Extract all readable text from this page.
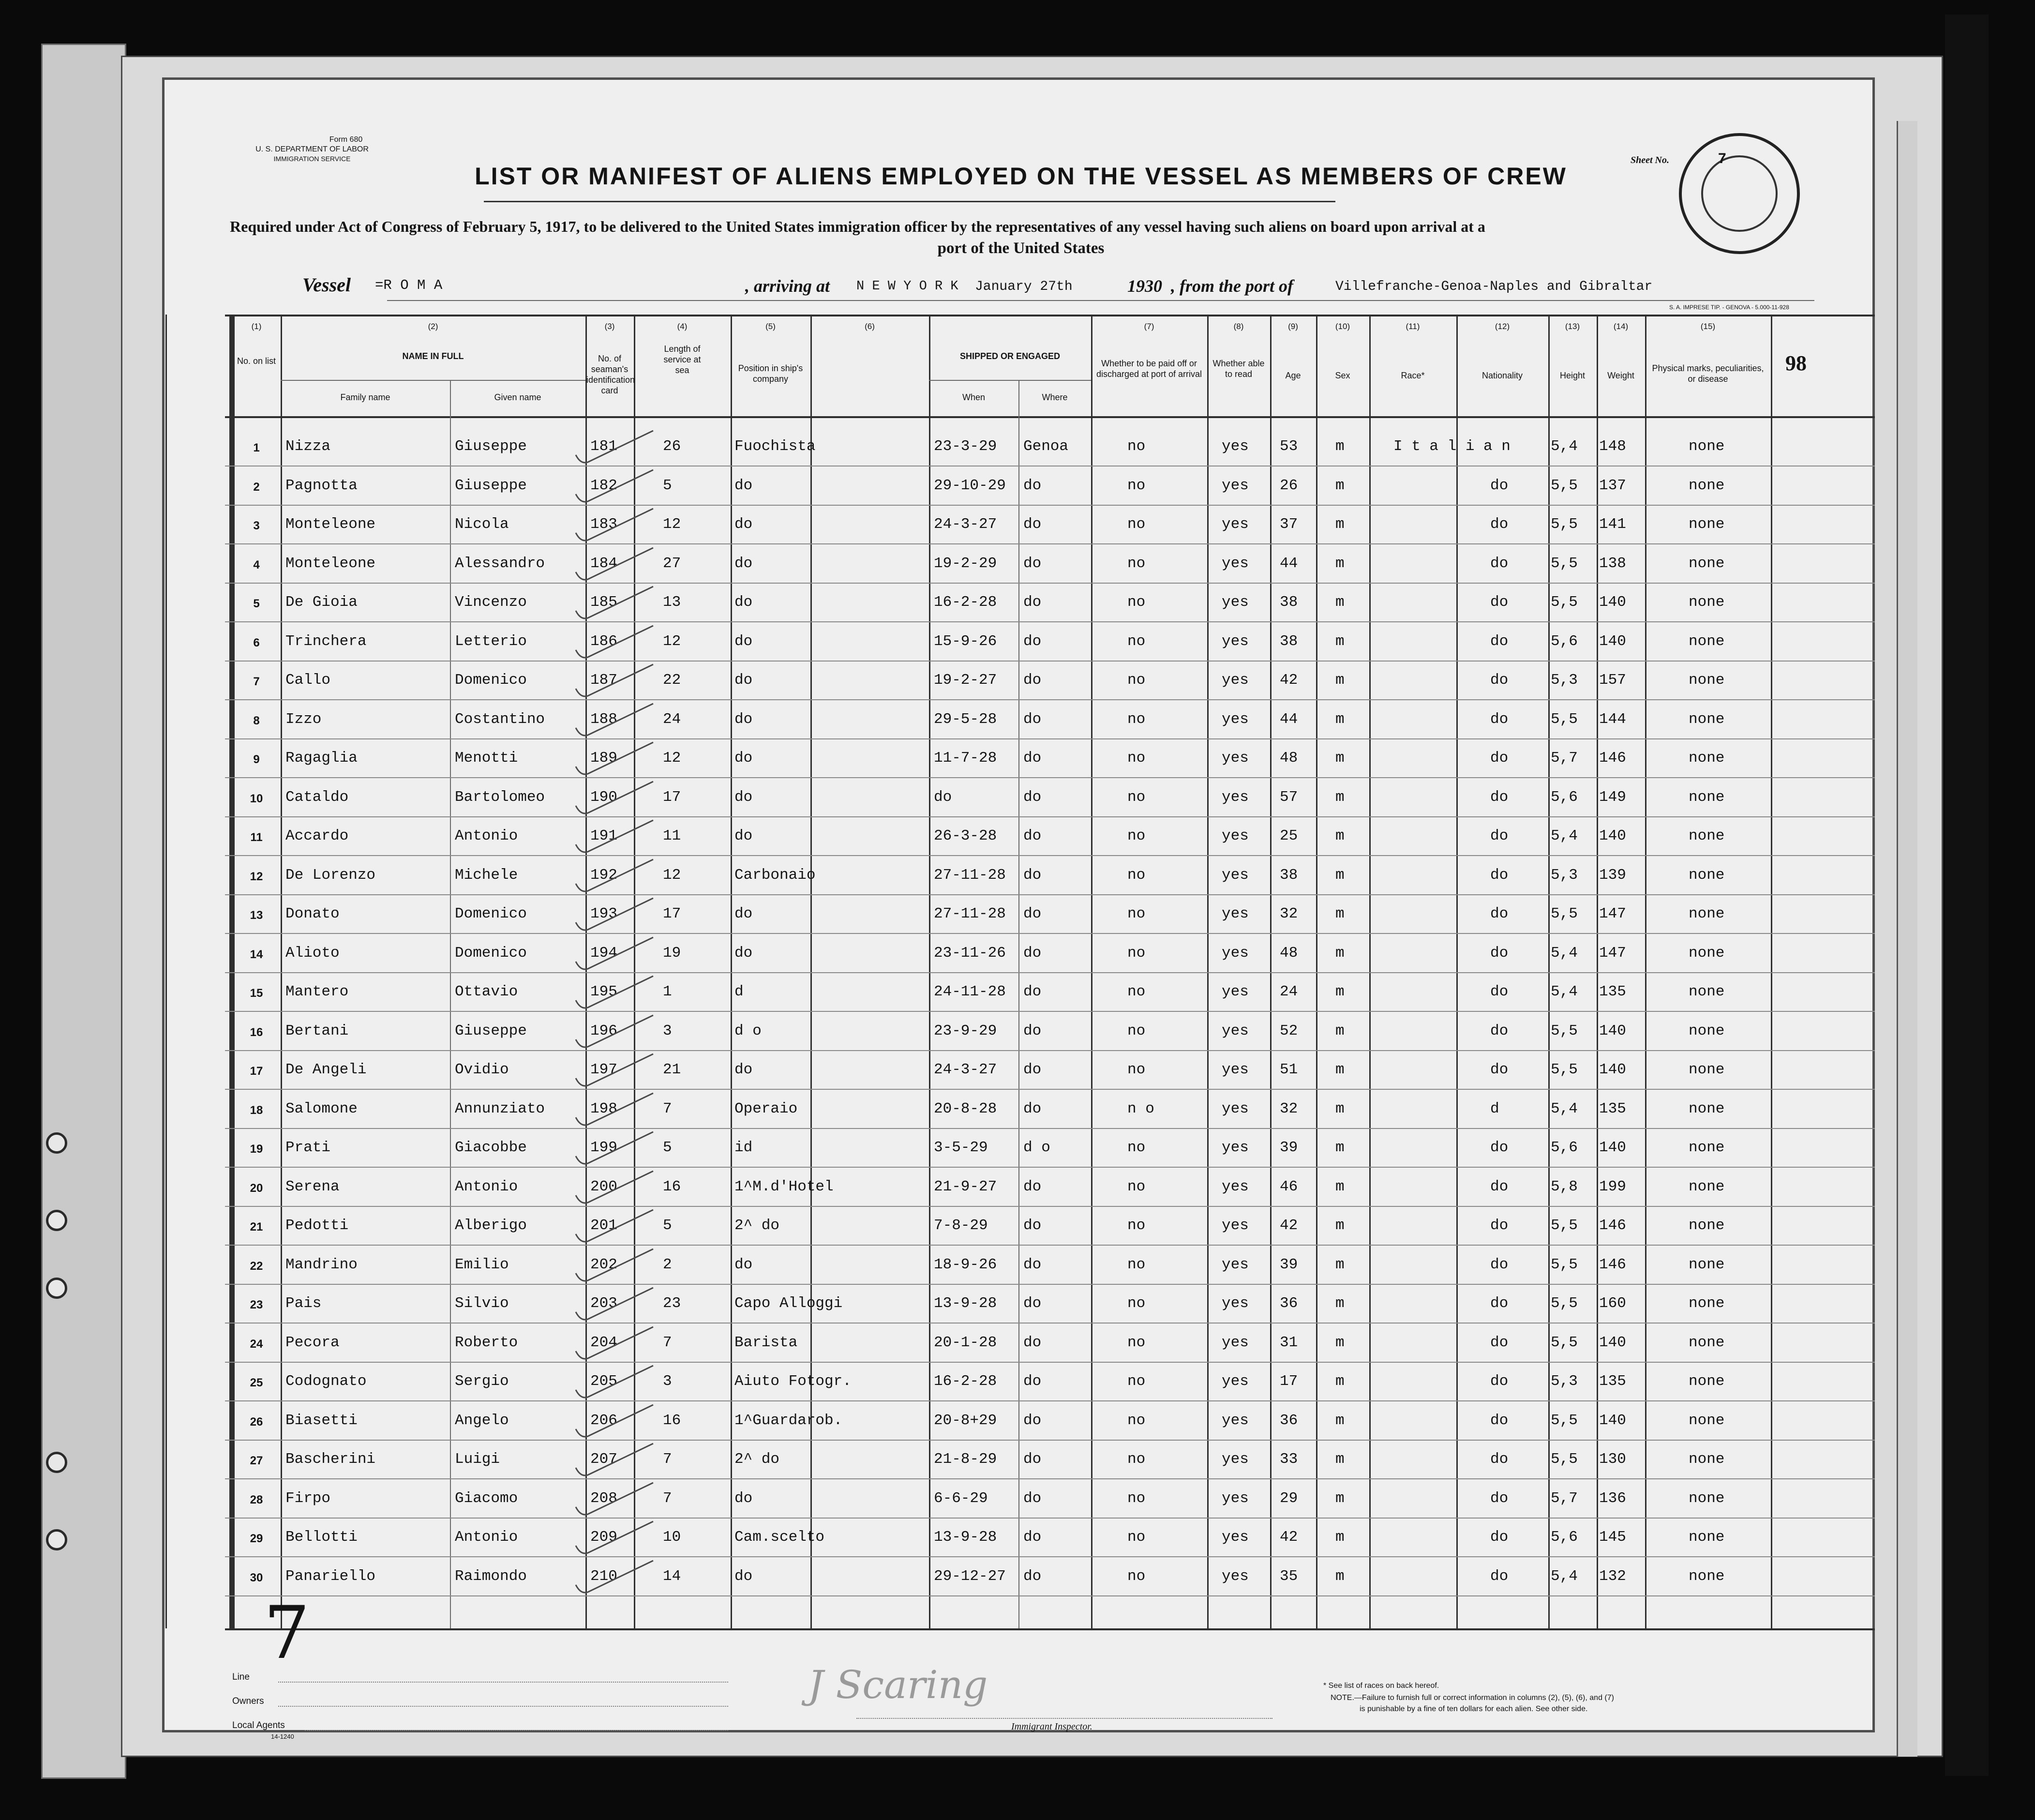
Form 680
U. S. DEPARTMENT OF LABOR
IMMIGRATION SERVICE
LIST OR MANIFEST OF ALIENS EMPLOYED ON THE VESSEL AS MEMBERS OF CREW
Required under Act of Congress of February 5, 1917, to be delivered to the United States immigration officer by the representatives of any vessel having such aliens on board upon arrival at a
port of the United States
Sheet No.	7
Vessel =R O M A	, arriving at N E W Y O R K January 27th	1930 , from the port of	Villefranche-Genoa-Naples and Gibraltar
S. A. IMPRESE TIP. - GENOVA - 5.000-11-928
(1)
No. on list
(2)
NAME IN FULL
Family name	Given name
(3)
No. of seaman's identification card
(4)
Length of service at sea
(5)
Position in ship's company
(6)
SHIPPED OR ENGAGED
When	Where
(7)
Whether to be paid off or discharged at port of arrival
(8)
Whether able to read
(9)
Age
(10)
Sex
(11)
Race*
(12)
Nationality
(13)
Height
(14)
Weight
(15)
Physical marks, peculiarities, or disease
98
1	Nizza	Giuseppe	181	26	Fuochista	23-3-29 Genoa	no	yes 53	m	I t a l i a n	5,4 148	none
2	Pagnotta	Giuseppe	182	5	do	29-10-29 do	no	yes 26	m	do	5,5 137	none
3	Monteleone	Nicola	183	12	do	24-3-27 do	no	yes 37	m	do	5,5 141	none
4	Monteleone	Alessandro	184	27	do	19-2-29 do	no	yes 44	m	do	5,5 138	none
5	De Gioia	Vincenzo	185	13	do	16-2-28 do	no	yes 38	m	do	5,5 140	none
6	Trinchera	Letterio	186	12	do	15-9-26 do	no	yes 38	m	do	5,6 140	none
7	Callo	Domenico	187	22	do	19-2-27 do	no	yes 42	m	do	5,3 157	none
8	Izzo	Costantino	188	24	do	29-5-28 do	no	yes 44	m	do	5,5 144	none
9	Ragaglia	Menotti	189	12	do	11-7-28 do	no	yes 48	m	do	5,7 146	none
10	Cataldo	Bartolomeo	190	17	do	do	do	no	yes 57	m	do	5,6 149	none
11	Accardo	Antonio	191	11	do	26-3-28 do	no	yes 25	m	do	5,4 140	none
12	De Lorenzo	Michele	192	12	Carbonaio	27-11-28 do	no	yes 38	m	do	5,3 139	none
13	Donato	Domenico	193	17	do	27-11-28 do	no	yes 32	m	do	5,5 147	none
14	Alioto	Domenico	194	19	do	23-11-26 do	no	yes 48	m	do	5,4 147	none
15	Mantero	Ottavio	195	1	d	24-11-28 do	no	yes 24	m	do	5,4 135	none
16	Bertani	Giuseppe	196	3	d o	23-9-29 do	no	yes 52	m	do	5,5 140	none
17	De Angeli	Ovidio	197	21	do	24-3-27 do	no	yes 51	m	do	5,5 140	none
18	Salomone	Annunziato	198	7	Operaio	20-8-28 do	n o	yes 32	m	d	5,4 135	none
19	Prati	Giacobbe	199	5	id	3-5-29 d o	no	yes 39	m	do	5,6 140	none
20	Serena	Antonio	200	16	1^M.d'Hotel	21-9-27 do	no	yes 46	m	do	5,8 199	none
21	Pedotti	Alberigo	201	5	2^ do	7-8-29 do	no	yes 42	m	do	5,5 146	none
22	Mandrino	Emilio	202	2	do	18-9-26 do	no	yes 39	m	do	5,5 146	none
23	Pais	Silvio	203	23	Capo Alloggi	13-9-28 do	no	yes 36	m	do	5,5 160	none
24	Pecora	Roberto	204	7	Barista	20-1-28 do	no	yes 31	m	do	5,5 140	none
25	Codognato	Sergio	205	3	Aiuto Fotogr.	16-2-28 do	no	yes 17	m	do	5,3 135	none
26	Biasetti	Angelo	206	16	1^Guardarob.	20-8+29 do	no	yes 36	m	do	5,5 140	none
27	Bascherini	Luigi	207	7	2^ do	21-8-29 do	no	yes 33	m	do	5,5 130	none
28	Firpo	Giacomo	208	7	do	6-6-29 do	no	yes 29	m	do	5,7 136	none
29	Bellotti	Antonio	209	10	Cam.scelto	13-9-28 do	no	yes 42	m	do	5,6 145	none
30	Panariello	Raimondo	210	14	do	29-12-27 do	no	yes 35	m	do	5,4 132	none
7
Line
Owners
Local Agents
14-1240
J Scaring
Immigrant Inspector.
* See list of races on back hereof.
NOTE.—Failure to furnish full or correct information in columns (2), (5), (6), and (7)
is punishable by a fine of ten dollars for each alien. See other side.
